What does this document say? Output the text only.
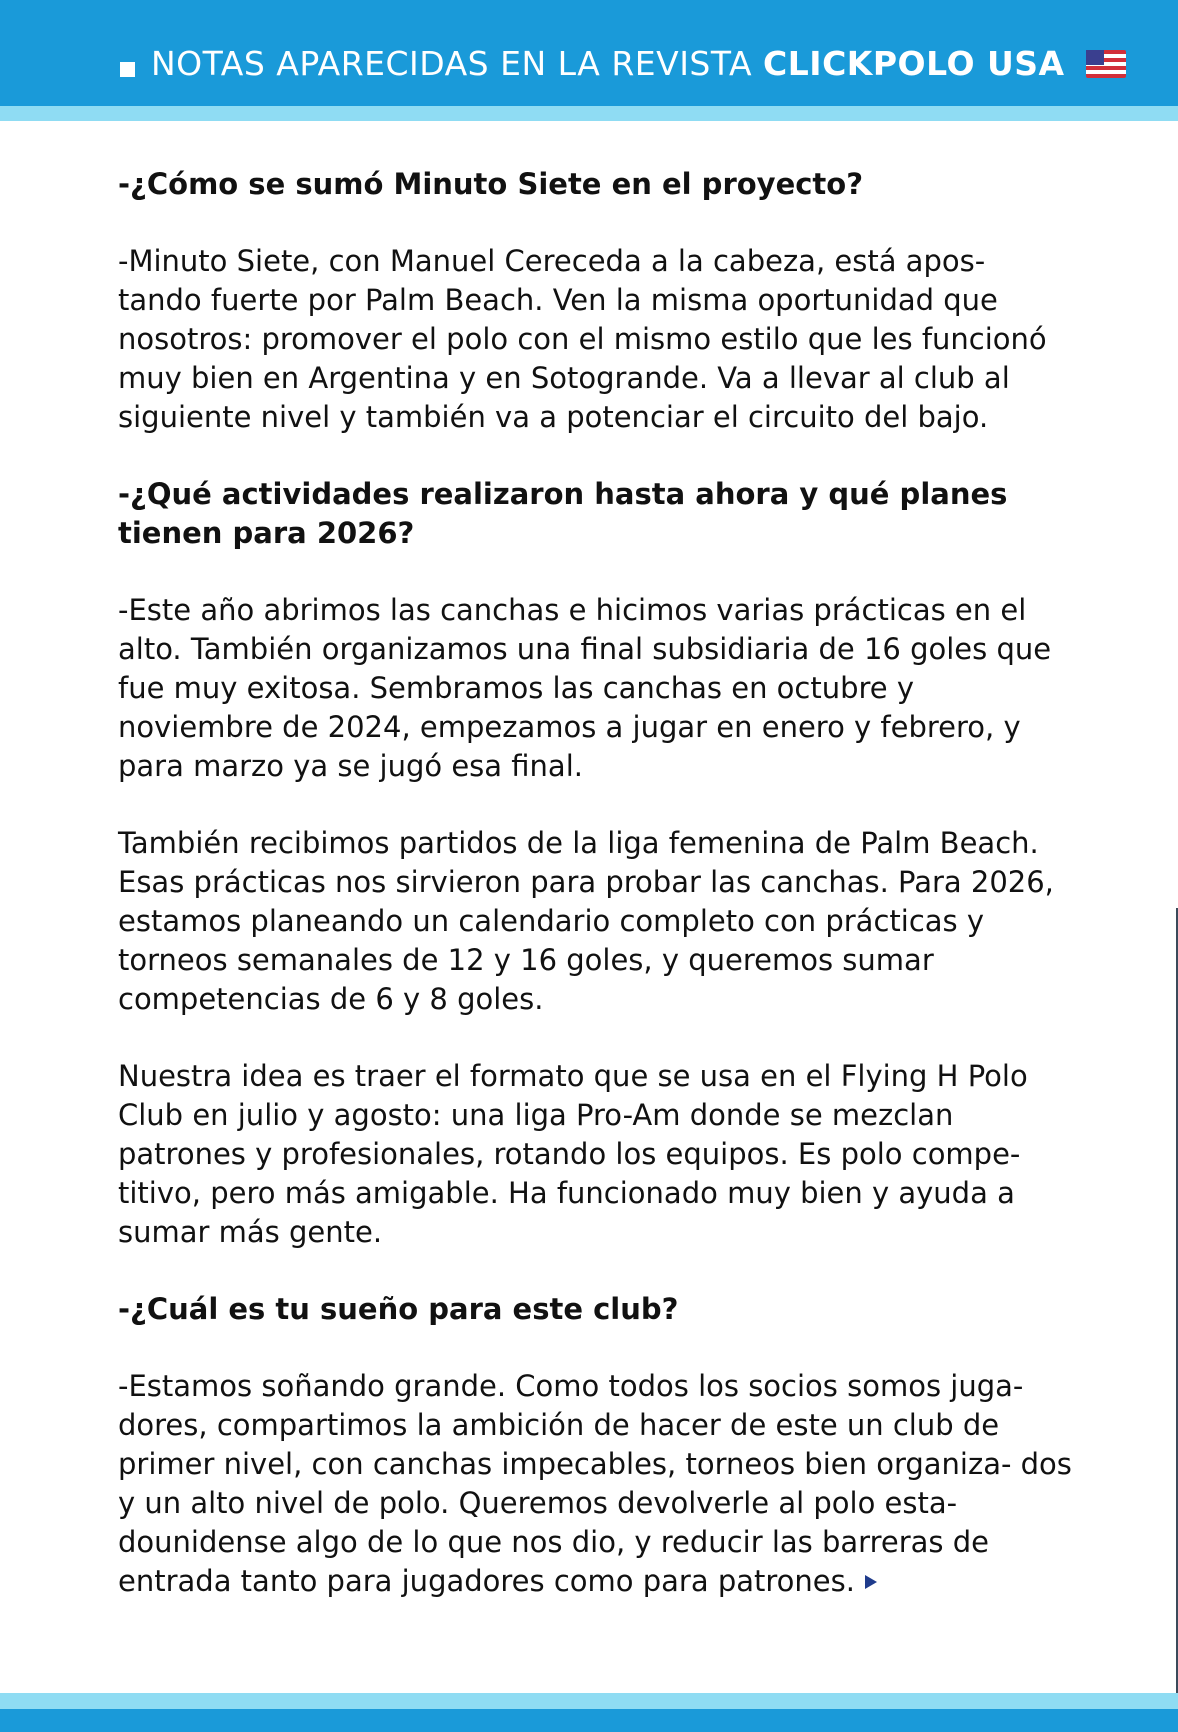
NOTAS APARECIDAS EN LA REVISTA CLICKPOLO USA

-¿Cómo se sumó Minuto Siete en el proyecto?

-Minuto Siete, con Manuel Cereceda a la cabeza, está apos- tando fuerte por Palm Beach. Ven la misma oportunidad que nosotros: promover el polo con el mismo estilo que les funcionó muy bien en Argentina y en Sotogrande. Va a llevar al club al siguiente nivel y también va a potenciar el circuito del bajo.

-¿Qué actividades realizaron hasta ahora y qué planes tienen para 2026?

-Este año abrimos las canchas e hicimos varias prácticas en el alto. También organizamos una final subsidiaria de 16 goles que fue muy exitosa. Sembramos las canchas en octubre y noviembre de 2024, empezamos a jugar en enero y febrero, y para marzo ya se jugó esa final.

También recibimos partidos de la liga femenina de Palm Beach. Esas prácticas nos sirvieron para probar las canchas. Para 2026, estamos planeando un calendario completo con prácticas y torneos semanales de 12 y 16 goles, y queremos sumar competencias de 6 y 8 goles.

Nuestra idea es traer el formato que se usa en el Flying H Polo Club en julio y agosto: una liga Pro-Am donde se mezclan patrones y profesionales, rotando los equipos. Es polo compe- titivo, pero más amigable. Ha funcionado muy bien y ayuda a sumar más gente.

-¿Cuál es tu sueño para este club?

-Estamos soñando grande. Como todos los socios somos juga- dores, compartimos la ambición de hacer de este un club de primer nivel, con canchas impecables, torneos bien organiza- dos y un alto nivel de polo. Queremos devolverle al polo esta- dounidense algo de lo que nos dio, y reducir las barreras de entrada tanto para jugadores como para patrones.
